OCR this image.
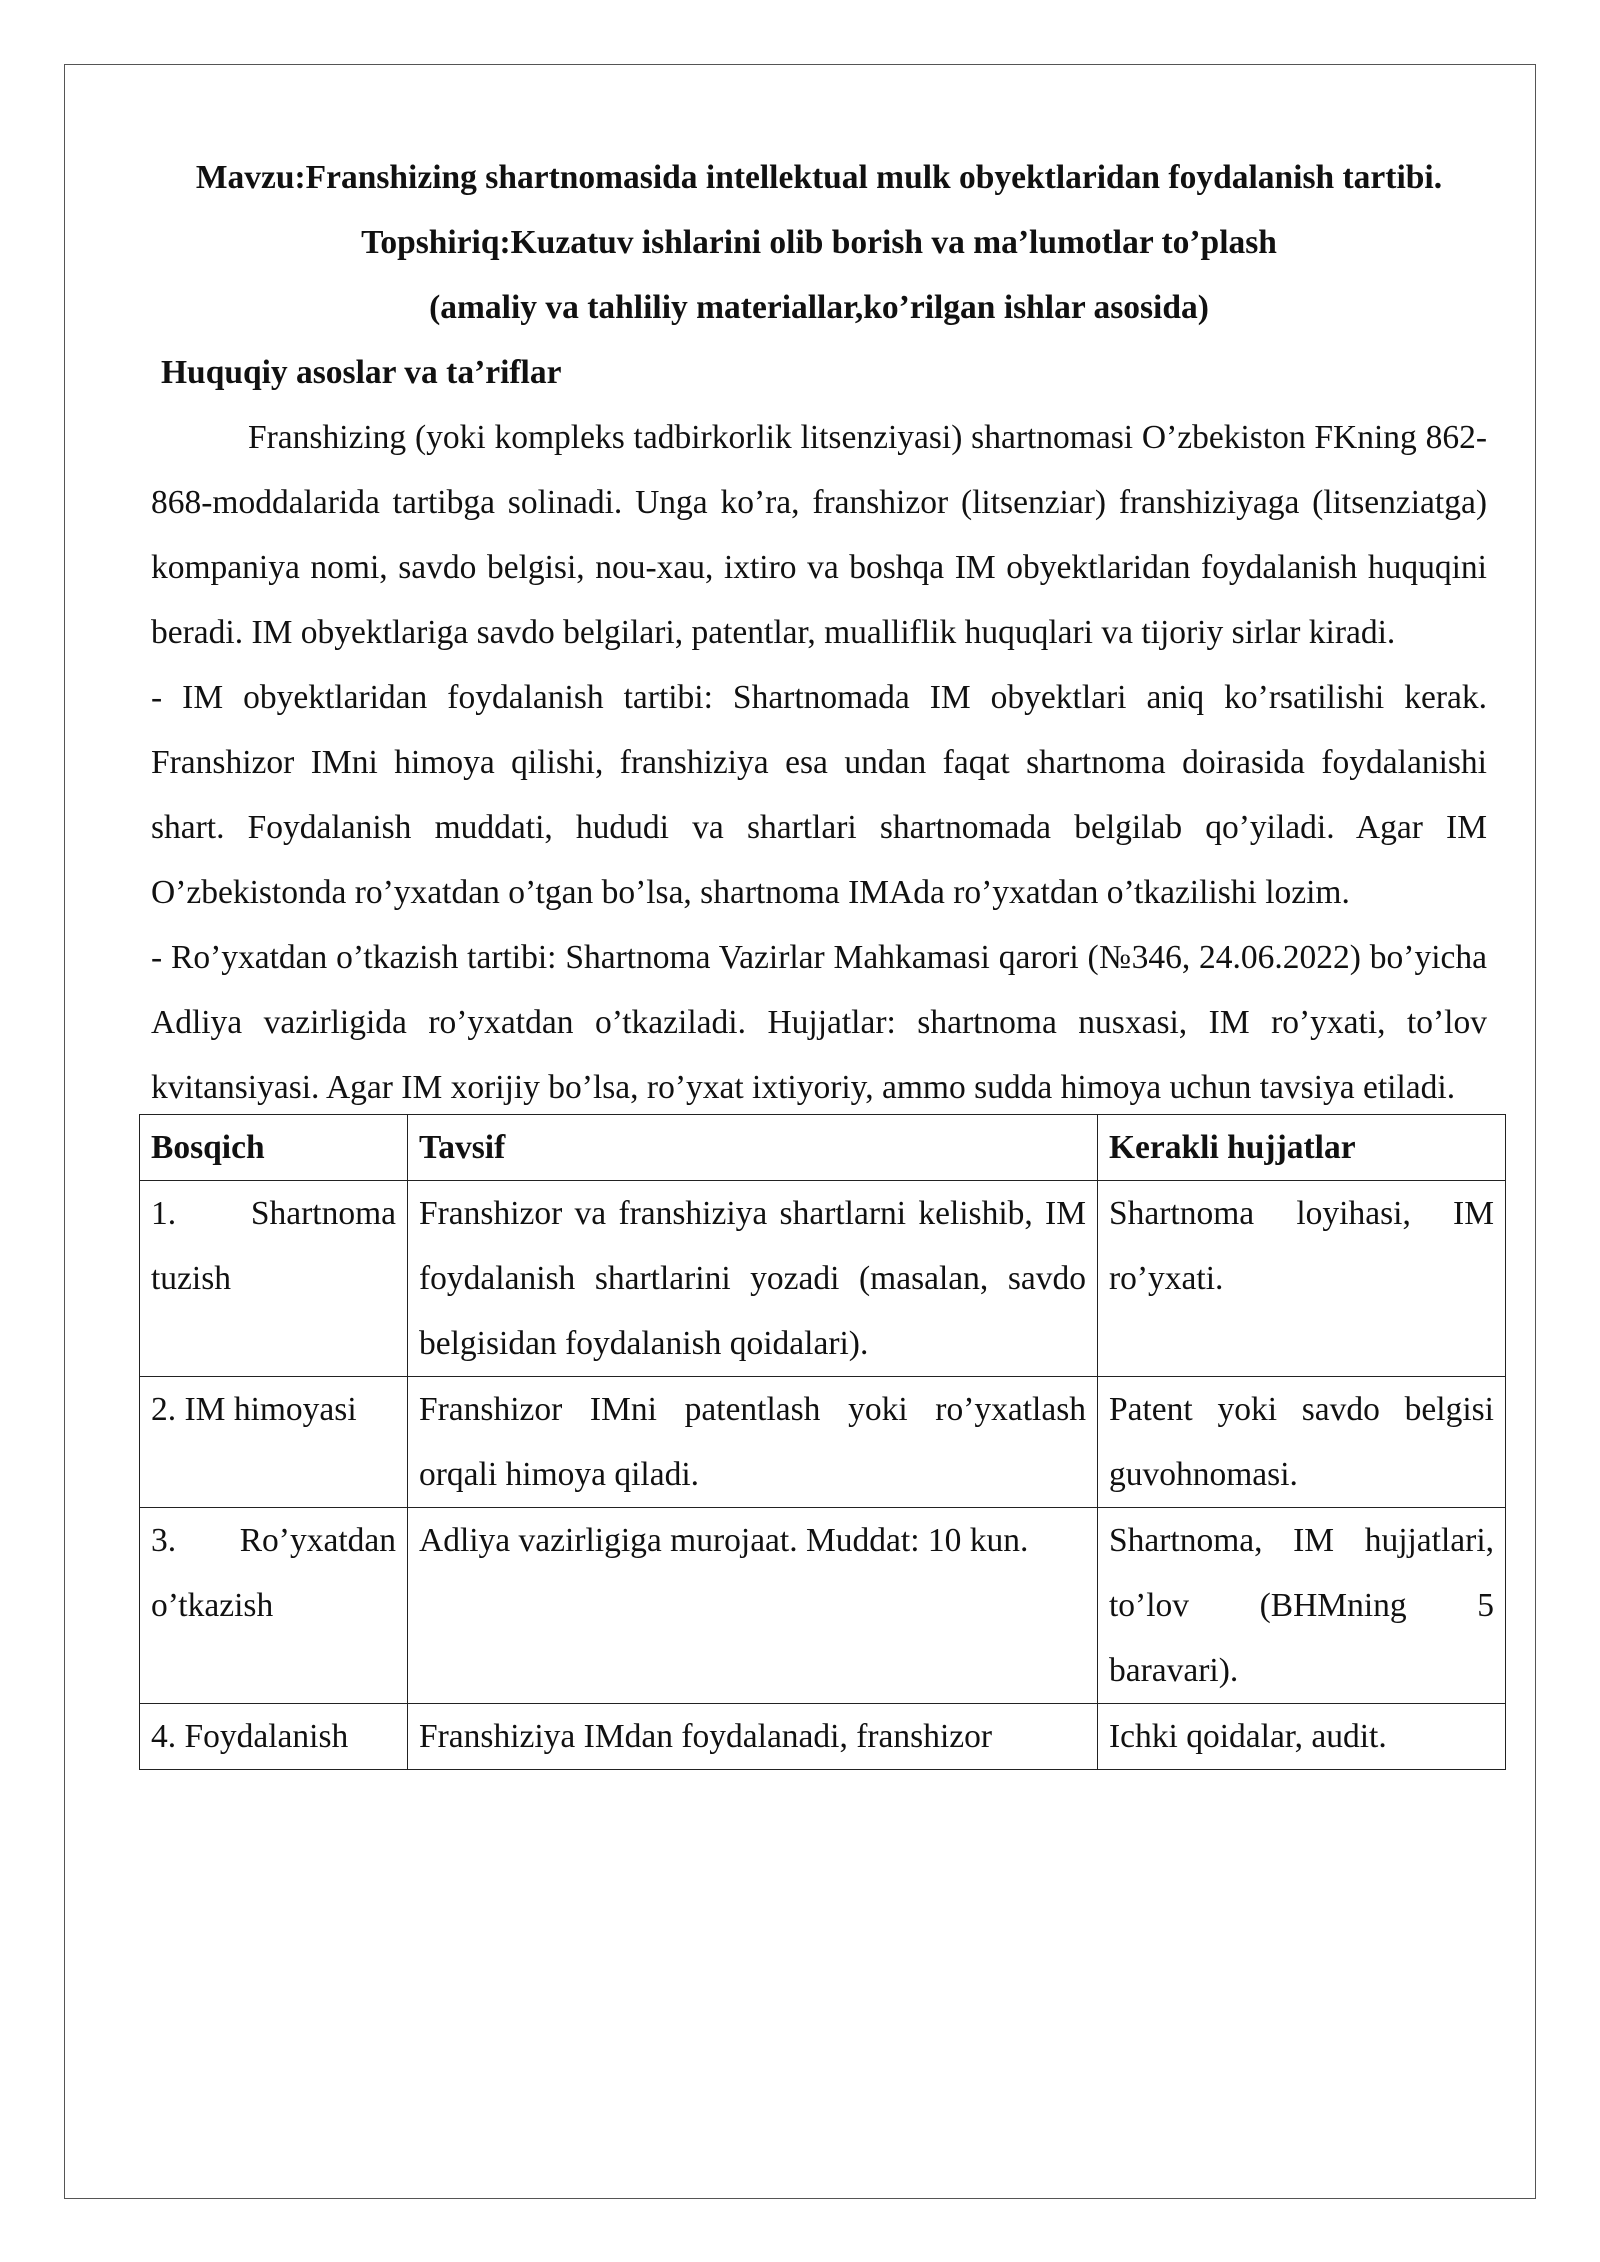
Mavzu:Franshizing shartnomasida intellektual mulk obyektlaridan foydalanish tartibi.

Topshiriq:Kuzatuv ishlarini olib borish va ma’lumotlar to’plash

(amaliy va tahliliy materiallar,ko’rilgan ishlar asosida)

Huquqiy asoslar va ta’riflar

Franshizing (yoki kompleks tadbirkorlik litsenziyasi) shartnomasi O’zbekiston FKning 862-868-moddalarida tartibga solinadi. Unga ko’ra, franshizor (litsenziar) franshiziyaga (litsenziatga) kompaniya nomi, savdo belgisi, nou-xau, ixtiro va boshqa IM obyektlaridan foydalanish huquqini beradi. IM obyektlariga savdo belgilari, patentlar, mualliflik huquqlari va tijoriy sirlar kiradi.

- IM obyektlaridan foydalanish tartibi: Shartnomada IM obyektlari aniq ko’rsatilishi kerak. Franshizor IMni himoya qilishi, franshiziya esa undan faqat shartnoma doirasida foydalanishi shart. Foydalanish muddati, hududi va shartlari shartnomada belgilab qo’yiladi. Agar IM O’zbekistonda ro’yxatdan o’tgan bo’lsa, shartnoma IMAda ro’yxatdan o’tkazilishi lozim.

- Ro’yxatdan o’tkazish tartibi: Shartnoma Vazirlar Mahkamasi qarori (№346, 24.06.2022) bo’yicha Adliya vazirligida ro’yxatdan o’tkaziladi. Hujjatlar: shartnoma nusxasi, IM ro’yxati, to’lov kvitansiyasi. Agar IM xorijiy bo’lsa, ro’yxat ixtiyoriy, ammo sudda himoya uchun tavsiya etiladi.

Bosqich	Tavsif	Kerakli hujjatlar
1. Shartnoma tuzish	Franshizor va franshiziya shartlarni kelishib, IM foydalanish shartlarini yozadi (masalan, savdo belgisidan foydalanish qoidalari).	Shartnoma loyihasi, IM ro’yxati.
2. IM himoyasi	Franshizor IMni patentlash yoki ro’yxatlash orqali himoya qiladi.	Patent yoki savdo belgisi guvohnomasi.
3. Ro’yxatdan o’tkazish	Adliya vazirligiga murojaat. Muddat: 10 kun.	Shartnoma, IM hujjatlari, to’lov (BHMning 5 baravari).
4. Foydalanish	Franshiziya IMdan foydalanadi, franshizor	Ichki qoidalar, audit.
